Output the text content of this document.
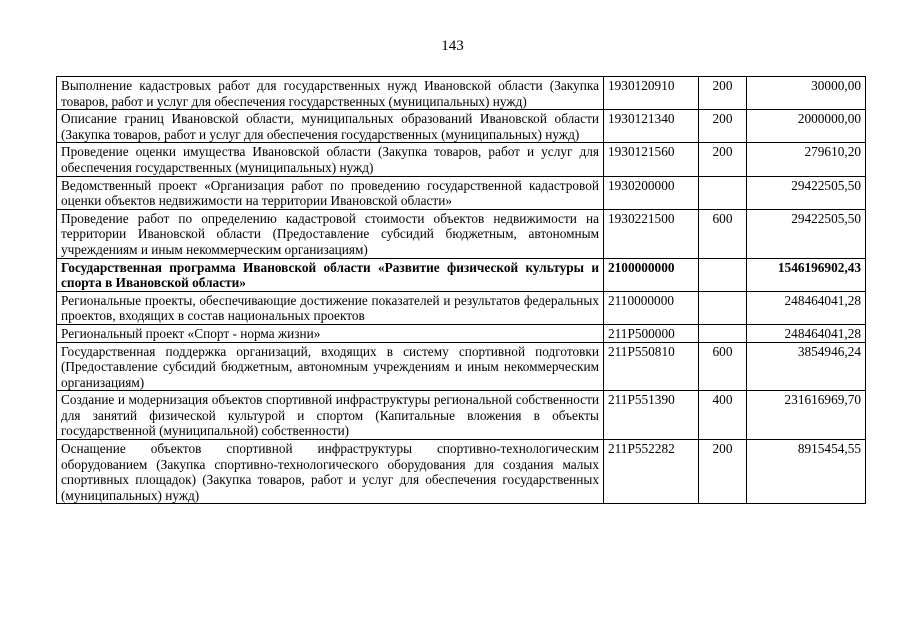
143
Выполнение кадастровых работ для государственных нужд Ивановской области (Закупка товаров, работ и услуг для обеспечения государственных (муниципальных) нужд)	1930120910	200	30000,00
Описание границ Ивановской области, муниципальных образований Ивановской области (Закупка товаров, работ и услуг для обеспечения государственных (муниципальных) нужд)	1930121340	200	2000000,00
Проведение оценки имущества Ивановской области (Закупка товаров, работ и услуг для обеспечения государственных (муниципальных) нужд)	1930121560	200	279610,20
Ведомственный проект «Организация работ по проведению государственной кадастровой оценки объектов недвижимости на территории Ивановской области»	1930200000		29422505,50
Проведение работ по определению кадастровой стоимости объектов недвижимости на территории Ивановской области (Предоставление субсидий бюджетным, автономным учреждениям и иным некоммерческим организациям)	1930221500	600	29422505,50
Государственная программа Ивановской области «Развитие физической культуры и спорта в Ивановской области»	2100000000		1546196902,43
Региональные проекты, обеспечивающие достижение показателей и результатов федеральных проектов, входящих в состав национальных проектов	2110000000		248464041,28
Региональный проект «Спорт - норма жизни»	211P500000		248464041,28
Государственная поддержка организаций, входящих в систему спортивной подготовки (Предоставление субсидий бюджетным, автономным учреждениям и иным некоммерческим организациям)	211P550810	600	3854946,24
Создание и модернизация объектов спортивной инфраструктуры региональной собственности для занятий физической культурой и спортом (Капитальные вложения в объекты государственной (муниципальной) собственности)	211P551390	400	231616969,70
Оснащение объектов спортивной инфраструктуры спортивно-технологическим оборудованием (Закупка спортивно-технологического оборудования для создания малых спортивных площадок) (Закупка товаров, работ и услуг для обеспечения государственных (муниципальных) нужд)	211P552282	200	8915454,55
